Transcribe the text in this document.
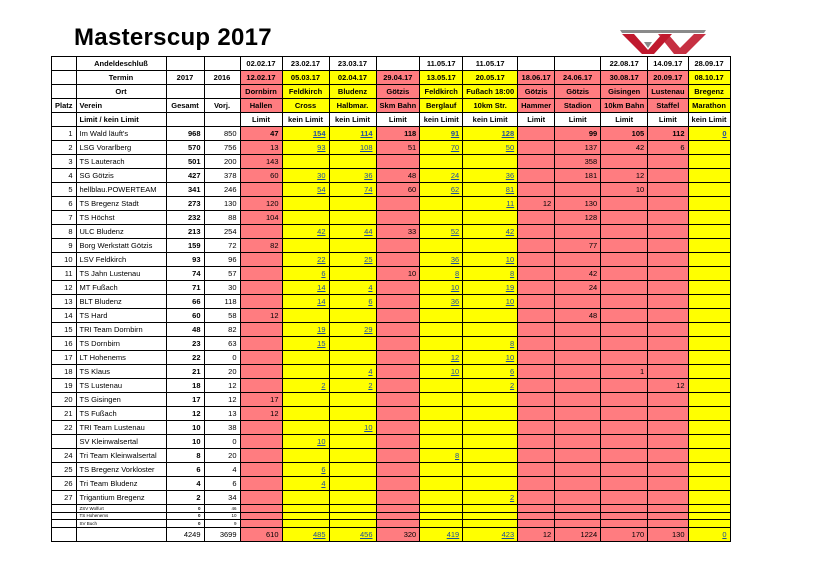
Masterscup 2017
	Andeldeschluß			02.02.17	23.02.17	23.03.17		11.05.17	11.05.17			22.08.17	14.09.17	28.09.17
	Termin	2017	2016	12.02.17	05.03.17	02.04.17	29.04.17	13.05.17	20.05.17	18.06.17	24.06.17	30.08.17	20.09.17	08.10.17
	Ort			Dornbirn	Feldkirch	Bludenz	Götzis	Feldkirch	Fußach 18:00	Götzis	Götzis	Gisingen	Lustenau	Bregenz
Platz	Verein	Gesamt	Vorj.	Hallen	Cross	Halbmar.	Skm Bahn	Berglauf	10km Str.	Hammer	Stadion	10km Bahn	Staffel	Marathon
	Limit / kein Limit			Limit	kein Limit	kein Limit	Limit	kein Limit	kein Limit	Limit	Limit	Limit	Limit	kein Limit
1	Im Wald läuft's	968	850	47	154	114	118	91	128		99	105	112	0
2	LSG Vorarlberg	570	756	13	93	108	51	70	50		137	42	6	
3	TS Lauterach	501	200	143							358			
4	SG Götzis	427	378	60	30	36	48	24	36		181	12		
5	hellblau.POWERTEAM	341	246		54	74	60	62	81			10		
6	TS Bregenz Stadt	273	130	120					11	12	130			
7	TS Höchst	232	88	104							128			
8	ULC Bludenz	213	254		42	44	33	52	42					
9	Borg Werkstatt Götzis	159	72	82							77			
10	LSV Feldkirch	93	96		22	25		36	10					
11	TS Jahn Lustenau	74	57		6		10	8	8		42			
12	MT Fußach	71	30		14	4		10	19		24			
13	BLT Bludenz	66	118		14	6		36	10					
14	TS Hard	60	58	12							48			
15	TRI Team Dornbirn	48	82		19	29								
16	TS Dornbirn	23	63		15				8					
17	LT Hohenems	22	0					12	10					
18	TS Klaus	21	20			4		10	6			1		
19	TS Lustenau	18	12		2	2			2				12	
20	TS Gisingen	17	12	17										
21	TS Fußach	12	13	12										
22	TRI Team Lustenau	10	38			10								
	SV Kleinwalsertal	10	0		10									
24	Tri Team Kleinwalsertal	8	20					8						
25	TS Bregenz Vorkloster	6	4		6									
26	Tri Team Bludenz	4	6		4									
27	Trigantium Bregenz	2	34						2					
	ZSV Wolfurt	0	46											
	TS Hohenems	0	10											
	SV Buch	0	9											
		4249	3699	610	485	456	320	419	423	12	1224	170	130	0
